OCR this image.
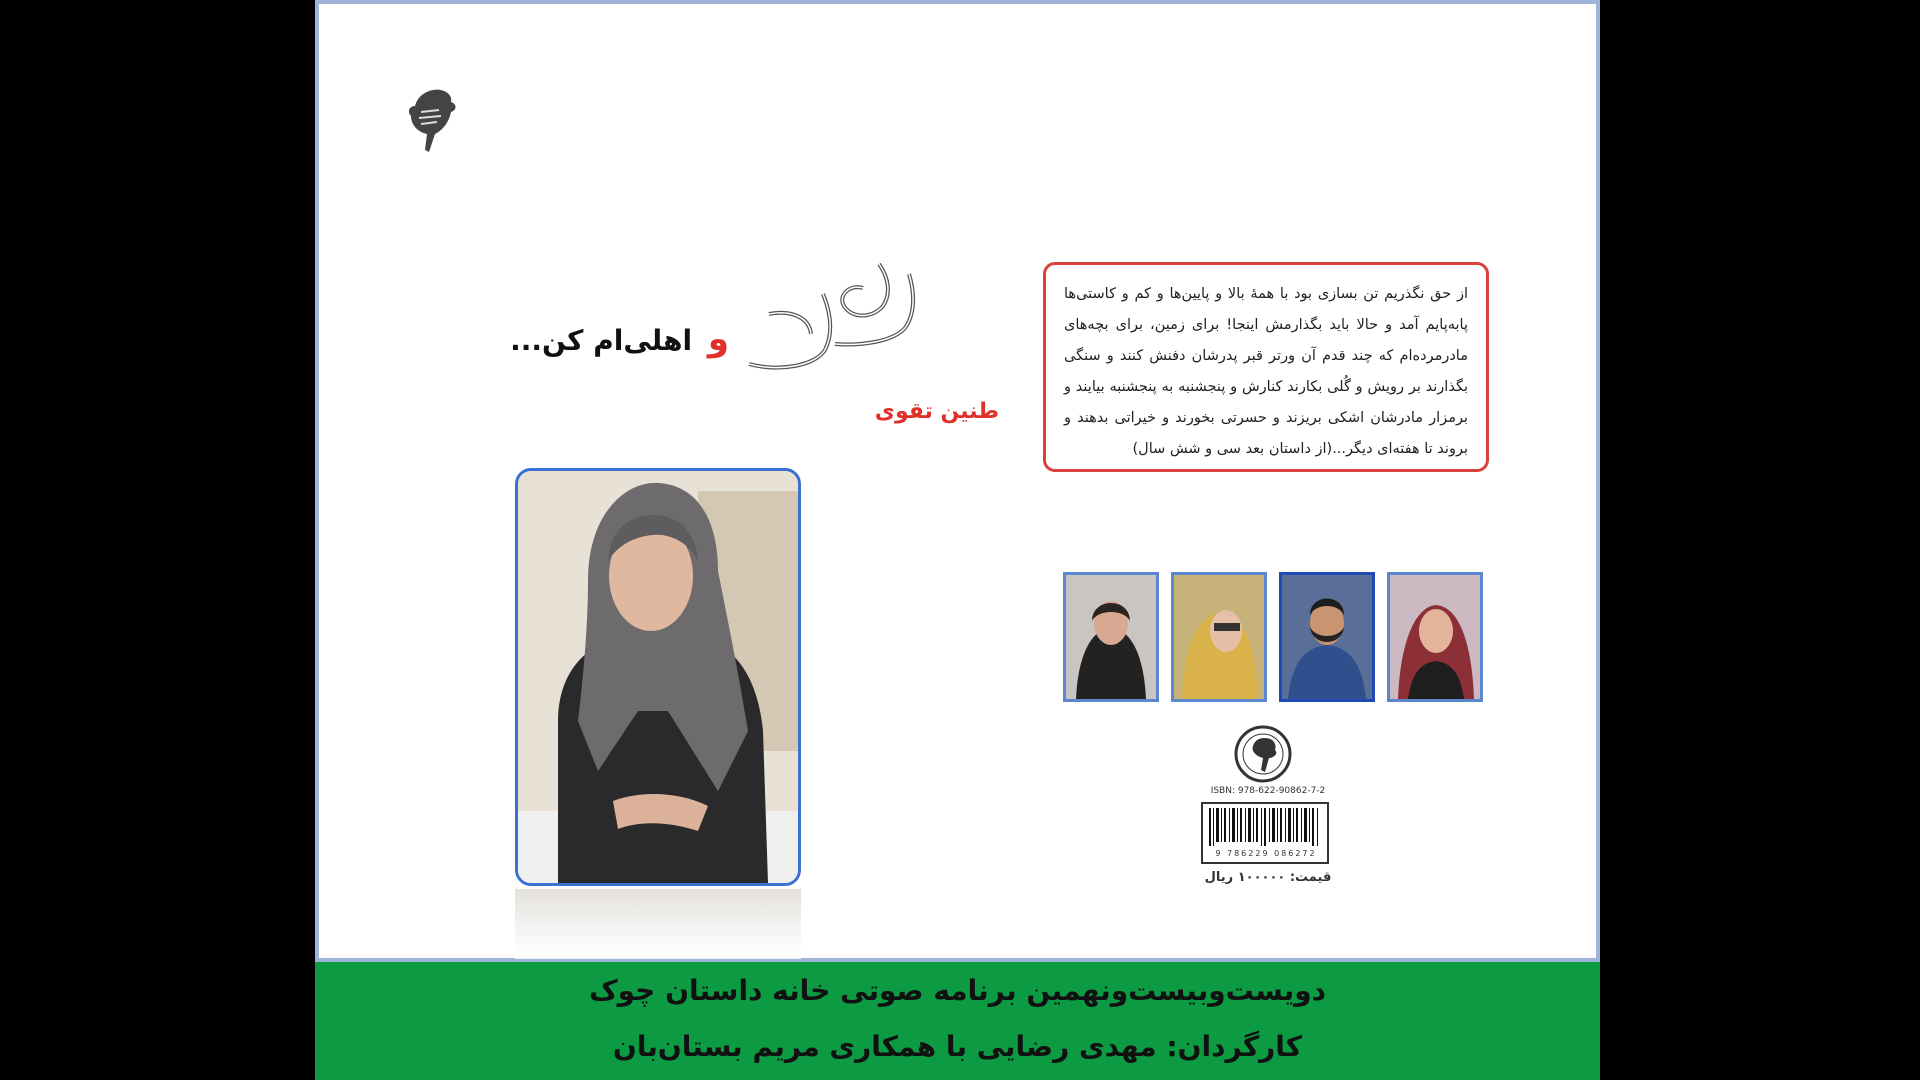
و اهلی‌ام کن...
طنین تقوی
از حق نگذریم تن بسازی بود با همهٔ بالا و پایین‌ها و کم و کاستی‌ها پابه‌پایم آمد و حالا باید بگذارمش اینجا! برای زمین، برای بچه‌های مادرمرده‌ام که چند قدم آن ورتر قبر پدرشان دفنش کنند و سنگی بگذارند بر رویش و گُلی بکارند کنارش و پنجشنبه به پنجشنبه بیایند و برمزار مادرشان اشکی بریزند و حسرتی بخورند و خیراتی بدهند و بروند تا هفته‌ای دیگر...(از داستان بعد سی و شش سال)
ISBN: 978-622-90862-7-2
9 786229 086272
قیمت: ۱۰۰۰۰۰ ریال
دویست‌وبیست‌ونهمین برنامه صوتی خانه داستان چوک
کارگردان: مهدی رضایی با همکاری مریم بستان‌بان
